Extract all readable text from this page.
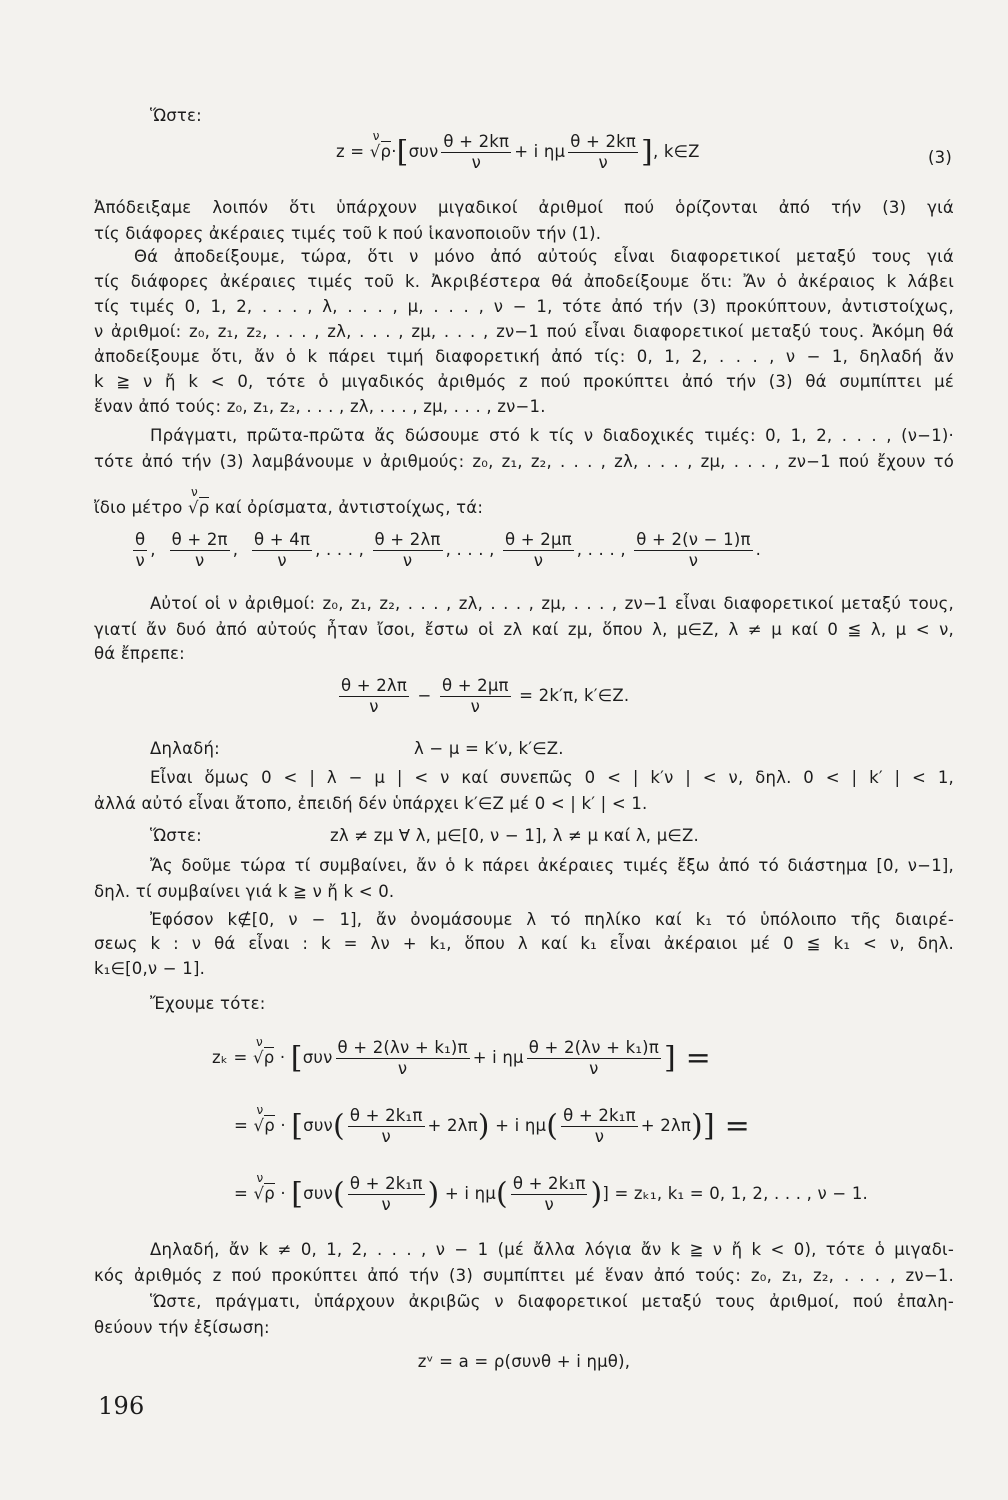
Ὥστε:
z =
ν
$√\rho\cdot[\sigma\upsilon\nu \frac{\theta + 2k\pi}{\nu} + i$ ημ $\frac{\theta + 2k\pi}{\nu}$ ], k∈Z	(3)
Ἀπόδειξαμε λοιπόν ὅτι ὑπάρχουν μιγαδικοί ἀριθμοί πού ὁρίζονται ἀπό τήν (3) γιά
τίς διάφορες ἀκέραιες τιμές τοῦ k πού ἱκανοποιοῦν τήν (1).
Θά ἀποδείξουμε, τώρα, ὅτι ν μόνο ἀπό αὐτούς εἶναι διαφορετικοί μεταξύ τους γιά
τίς διάφορες ἀκέραιες τιμές τοῦ k. Ἀκριβέστερα θά ἀποδείξουμε ὅτι: Ἄν ὁ ἀκέραιος k λάβει
τίς τιμές 0, 1, 2, . . . , λ, . . . , μ, . . . , ν − 1, τότε ἀπό τήν (3) προκύπτουν, ἀντιστοίχως,
ν ἀριθμοί: z₀, z₁, z₂, . . . , zλ, . . . , zμ, . . . , zν−1 πού εἶναι διαφορετικοί μεταξύ τους. Ἀκόμη θά
ἀποδείξουμε ὅτι, ἄν ὁ k πάρει τιμή διαφορετική ἀπό τίς: 0, 1, 2, . . . , ν − 1, δηλαδή ἄν
k ≧ ν ἤ k < 0, τότε ὁ μιγαδικός ἀριθμός z πού προκύπτει ἀπό τήν (3) θά συμπίπτει μέ
ἕναν ἀπό τούς: z₀, z₁, z₂, . . . , zλ, . . . , zμ, . . . , zν−1.
Πράγματι, πρῶτα-πρῶτα ἄς δώσουμε στό k τίς ν διαδοχικές τιμές: 0, 1, 2, . . . , (ν−1)·
τότε ἀπό τήν (3) λαμβάνουμε ν ἀριθμούς: z₀, z₁, z₂, . . . , zλ, . . . , zμ, . . . , zν−1 πού ἔχουν τό
ἴδιο μέτρο
ν
√ρ καί ὀρίσματα, ἀντιστοίχως, τά:
$\frac{\theta}{\nu}$ , $\frac{\theta + 2\pi}{\nu}$ , $\frac{\theta + 4\pi}{\nu}$ , . . . , $\frac{\theta + 2\lambda\pi}{\nu}$ , . . . , $\frac{\theta + 2\mu\pi}{\nu}$ , . . . , $\frac{\theta + 2(\nu - 1)\pi}{\nu}$ .
Αὐτοί οἱ ν ἀριθμοί: z₀, z₁, z₂, . . . , zλ, . . . , zμ, . . . , zν−1 εἶναι διαφορετικοί μεταξύ τους,
γιατί ἄν δυό ἀπό αὐτούς ἦταν ἴσοι, ἔστω οἱ zλ καί zμ, ὅπου λ, μ∈Z, λ ≠ μ καί 0 ≦ λ, μ < ν,
θά ἔπρεπε:
$\frac{\theta + 2\lambda\pi}{\nu} - \frac{\theta + 2\mu\pi}{\nu} = 2k'\pi$, k′∈Z.
Δηλαδή:	λ − μ = k′ν, k′∈Z.
Εἶναι ὅμως 0 < | λ − μ | < ν καί συνεπῶς 0 < | k′ν | < ν, δηλ. 0 < | k′ | < 1,
ἀλλά αὐτό εἶναι ἄτοπο, ἐπειδή δέν ὑπάρχει k′∈Z μέ 0 < | k′ | < 1.
Ὥστε:	zλ ≠ zμ ∀ λ, μ∈[0, ν − 1], λ ≠ μ καί λ, μ∈Z.
Ἄς δοῦμε τώρα τί συμβαίνει, ἄν ὁ k πάρει ἀκέραιες τιμές ἔξω ἀπό τό διάστημα [0, ν−1],
δηλ. τί συμβαίνει γιά k ≧ ν ἤ k < 0.
Ἐφόσον k∉[0, ν − 1], ἄν ὀνομάσουμε λ τό πηλίκο καί k₁ τό ὑπόλοιπο τῆς διαιρέ-
σεως k : ν θά εἶναι : k = λν + k₁, ὅπου λ καί k₁ εἶναι ἀκέραιοι μέ 0 ≦ k₁ < ν, δηλ.
k₁∈[0,ν − 1].
Ἔχουμε τότε:
zₖ =
ν
$√\rho \cdot [\sigma\upsilon\nu \frac{\text{θ + 2(λν + k₁)π}}{\nu} + i$ ημ $\frac{\text{θ + 2(λν + k₁)π}}{\nu}$ ] =
=
ν
$√\rho \cdot [\sigma\upsilon\nu( \frac{\text{θ + 2k₁π}}{\nu} + 2\lambda\pi) + i$ $\eta\mu( \frac{\text{θ + 2k₁π}}{\nu} + 2\lambda\pi)$] =
=
ν
$√\rho \cdot [\sigma\upsilon\nu( \frac{\text{θ + 2k₁π}}{\nu}$ ) + i $\eta\mu( \frac{\text{θ + 2k₁π}}{\nu}$ )] = zₖ₁, k₁ = 0, 1, 2, . . . , ν − 1.
Δηλαδή, ἄν k ≠ 0, 1, 2, . . . , ν − 1 (μέ ἄλλα λόγια ἄν k ≧ ν ἤ k < 0), τότε ὁ μιγαδι-
κός ἀριθμός z πού προκύπτει ἀπό τήν (3) συμπίπτει μέ ἕναν ἀπό τούς: z₀, z₁, z₂, . . . , zν−1.
Ὥστε, πράγματι, ὑπάρχουν ἀκριβῶς ν διαφορετικοί μεταξύ τους ἀριθμοί, πού ἐπαλη-
θεύουν τήν ἐξίσωση:
zᵛ = a = ρ(συνθ + i ημθ),
196
